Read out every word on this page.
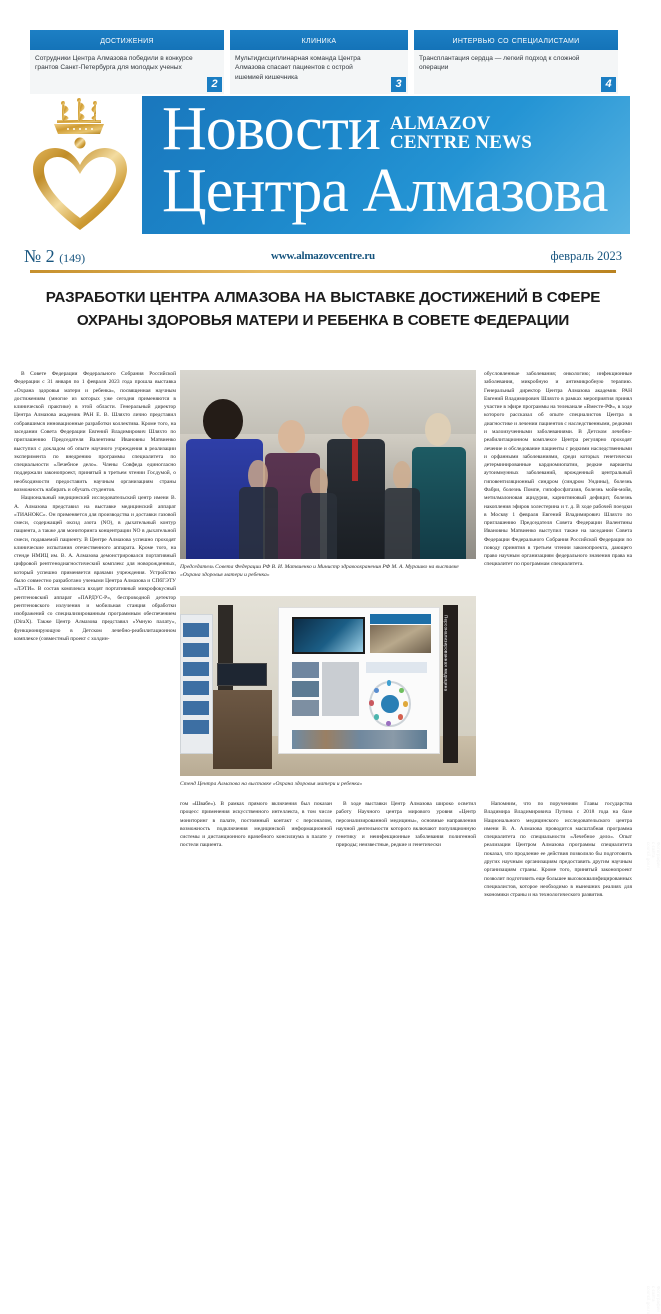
достижения
Сотрудники Центра Алмазова победили в конкурсе грантов Санкт-Петербурга для молодых ученых
2
клиника
Мультидисциплинарная команда Центра Алмазова спасает пациентов с острой ишемией кишечника
3
интервью со специалистами
Трансплантация сердца — легкий подход к сложной операции
4
Новости ALMAZOV
CENTRE NEWS
Центра Алмазова
№ 2 (149)	www.almazovcentre.ru	февраль 2023
РАЗРАБОТКИ ЦЕНТРА АЛМАЗОВА НА ВЫСТАВКЕ ДОСТИЖЕНИЙ В СФЕРЕ ОХРАНЫ ЗДОРОВЬЯ МАТЕРИ И РЕБЕНКА В СОВЕТЕ ФЕДЕРАЦИИ

В Совете Федерации Федерального Собрания Российской Федерации с 31 января по 1 февраля 2023 года прошла выставка «Охрана здоровья матери и ребенка», посвященная научным достижениям (многие из которых уже сегодня применяются в клинической практике) в этой области. Генеральный директор Центра Алмазова академик РАН Е. В. Шляхто лично представил собравшимся инновационные разработки коллектива. Кроме того, на заседании Совета Федерации Евгений Владимирович Шляхто по приглашению Председателя Валентины Ивановны Матвиенко выступил с докладом об опыте научного учреждения в реализации эксперимента по внедрению программы специалитета по специальности «Лечебное дело». Члены Совфеда единогласно поддержали законопроект, принятый в третьем чтении Госдумой, о необходимости предоставить научным организациям страны возможность набирать и обучать студентов.

Национальный медицинский исследовательский центр имени В. А. Алмазова представил на выставке медицинский аппарат «ТИАНОКС». Он применяется для производства и доставки газовой смеси, содержащей оксид азота (NO), в дыхательный контур пациента, а также для мониторинга концентрации NO в дыхательной смеси, подаваемой пациенту. В Центре Алмазова успешно проходят клинические испытания отечественного аппарата. Кроме того, на стенде НМИЦ им. В. А. Алмазова демонстрировался портативный цифровой рентгенодиагностический комплекс для новорожденных, который успешно применяется врачами учреждения. Устройство было совместно разработано учеными Центра Алмазова и СПбГЭТУ «ЛЭТИ». В состав комплекса входят портативный микрофокусный рентгеновский аппарат «ПАРДУС-Р», беспроводной детектор рентгеновского излучения и мобильная станция обработки изображений со специализированным программным обеспечением (DiraX). Также Центр Алмазова представил «Умную палату», функционирующую в Детском лечебно-реабилитационном комплексе (совместный проект с холдин-

обусловленные заболевания; онкологию; инфекционные заболевания, микробную и антимикробную терапию. Генеральный директор Центра Алмазова академик РАН Евгений Владимирович Шляхто в рамках мероприятия принял участие в эфире программы на телеканале «Вместе-РФ», в ходе которого рассказал об опыте специалистов Центра в диагностике и лечении пациентов с наследственными, редкими и малоизученными заболеваниями. В Детском лечебно-реабилитационном комплексе Центра регулярно проходят лечение и обследование пациенты с редкими наследственными и орфанными заболеваниями, среди которых генетически детерминированные кардиомиопатии, редкие варианты аутоиммунных заболеваний, врожденный центральный гиповентиляционный синдром (синдром Ундины), болезнь Фабри, болезнь Помпе, гипофосфатазия, болезнь мойя-мойя, метилмалоновая ацидурия, карнитиновый дефицит, болезнь накопления эфиров холестерина и т. д. В ходе рабочей поездки в Москву 1 февраля Евгений Владимирович Шляхто по приглашению Председателя Совета Федерации Валентины Ивановны Матвиенко выступил также на заседании Совета Федерации Федерального Собрания Российской Федерации по поводу принятия в третьем чтении законопроекта, дающего право научным организациям федерального значения права на специалитет по программам специалитета.

Фотографии с сайта council.gov.ru
Председатель Совета Федерации РФ В. И. Матвиенко и Министр здравоохранения РФ М. А. Мурашко на выставке «Охрана здоровья матери и ребенка»
Персонализированная медицина
Фотографии с сайта council.gov.ru
Стенд Центра Алмазова на выставке «Охрана здоровья матери и ребенка»

гом «Швабе»). В рамках прямого включения был показан процесс применения искусственного интеллекта, в том числе мониторинг в палате, постоянный контакт с персоналом, возможность подключения медицинской информационной системы и дистанционного врачебного консилиума в палате у постели пациента.

В ходе выставки Центр Алмазова широко осветил работу Научного центра мирового уровня «Центр персонализированной медицины», основные направления научной деятельности которого включают популяционную генетику и неинфекционные заболевания полигенной природы; неизвестные, редкие и генетически

Напомним, что по поручениям Главы государства Владимира Владимировича Путина с 2018 года на базе Национального медицинского исследовательского центра имени В. А. Алмазова проводится масштабная программа специалитета по специальности «Лечебное дело». Опыт реализации Центром Алмазова программы специалитета показал, что продление ее действия позволило бы подготовить других научным организациям предоставить другим научным организациям страны. Кроме того, принятый законопроект позволит подготовить еще большее высококвалифицированных специалистов, которое необходимо в нынешних реалиях для экономики страны и на технологического развития.
